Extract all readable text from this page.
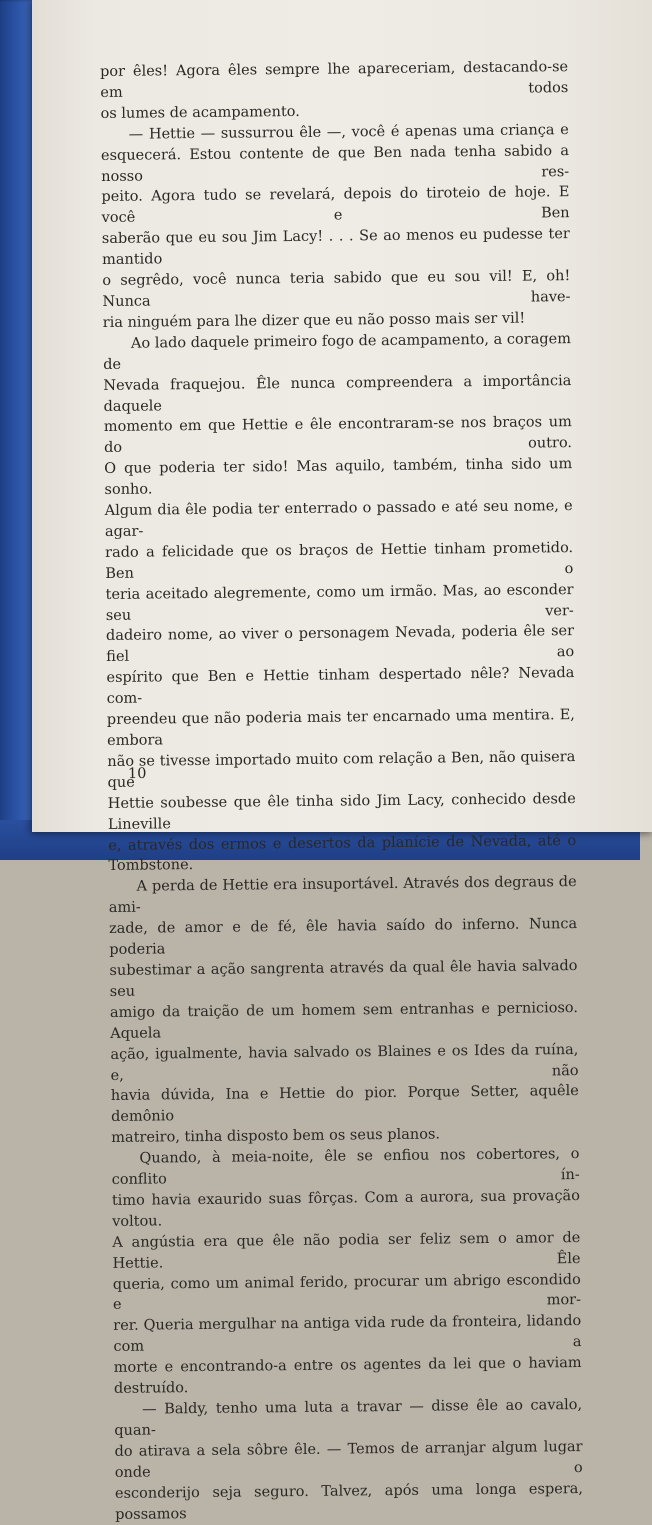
por êles! Agora êles sempre lhe apareceriam, destacando-se em todos

os lumes de acampamento.

— Hettie — sussurrou êle —, você é apenas uma criança e

esquecerá. Estou contente de que Ben nada tenha sabido a nosso res-

peito. Agora tudo se revelará, depois do tiroteio de hoje. E você e Ben

saberão que eu sou Jim Lacy! . . . Se ao menos eu pudesse ter mantido

o segrêdo, você nunca teria sabido que eu sou vil! E, oh! Nunca have-

ria ninguém para lhe dizer que eu não posso mais ser vil!

Ao lado daquele primeiro fogo de acampamento, a coragem de

Nevada fraquejou. Êle nunca compreendera a importância daquele

momento em que Hettie e êle encontraram-se nos braços um do outro.

O que poderia ter sido! Mas aquilo, também, tinha sido um sonho.

Algum dia êle podia ter enterrado o passado e até seu nome, e agar-

rado a felicidade que os braços de Hettie tinham prometido. Ben o

teria aceitado alegremente, como um irmão. Mas, ao esconder seu ver-

dadeiro nome, ao viver o personagem Nevada, poderia êle ser fiel ao

espírito que Ben e Hettie tinham despertado nêle? Nevada com-

preendeu que não poderia mais ter encarnado uma mentira. E, embora

não se tivesse importado muito com relação a Ben, não quisera que

Hettie soubesse que êle tinha sido Jim Lacy, conhecido desde Lineville

e, através dos ermos e desertos da planície de Nevada, até o

Tombstone.

A perda de Hettie era insuportável. Através dos degraus de ami-

zade, de amor e de fé, êle havia saído do inferno. Nunca poderia

subestimar a ação sangrenta através da qual êle havia salvado seu

amigo da traição de um homem sem entranhas e pernicioso. Aquela

ação, igualmente, havia salvado os Blaines e os Ides da ruína, e, não

havia dúvida, Ina e Hettie do pior. Porque Setter, aquêle demônio

matreiro, tinha disposto bem os seus planos.

Quando, à meia-noite, êle se enfiou nos cobertores, o conflito ín-

timo havia exaurido suas fôrças. Com a aurora, sua provação voltou.

A angústia era que êle não podia ser feliz sem o amor de Hettie. Êle

queria, como um animal ferido, procurar um abrigo escondido e mor-

rer. Queria mergulhar na antiga vida rude da fronteira, lidando com a

morte e encontrando-a entre os agentes da lei que o haviam destruído.

— Baldy, tenho uma luta a travar — disse êle ao cavalo, quan-

do atirava a sela sôbre êle. — Temos de arranjar algum lugar onde o

esconderijo seja seguro. Talvez, após uma longa espera, possamos

10
